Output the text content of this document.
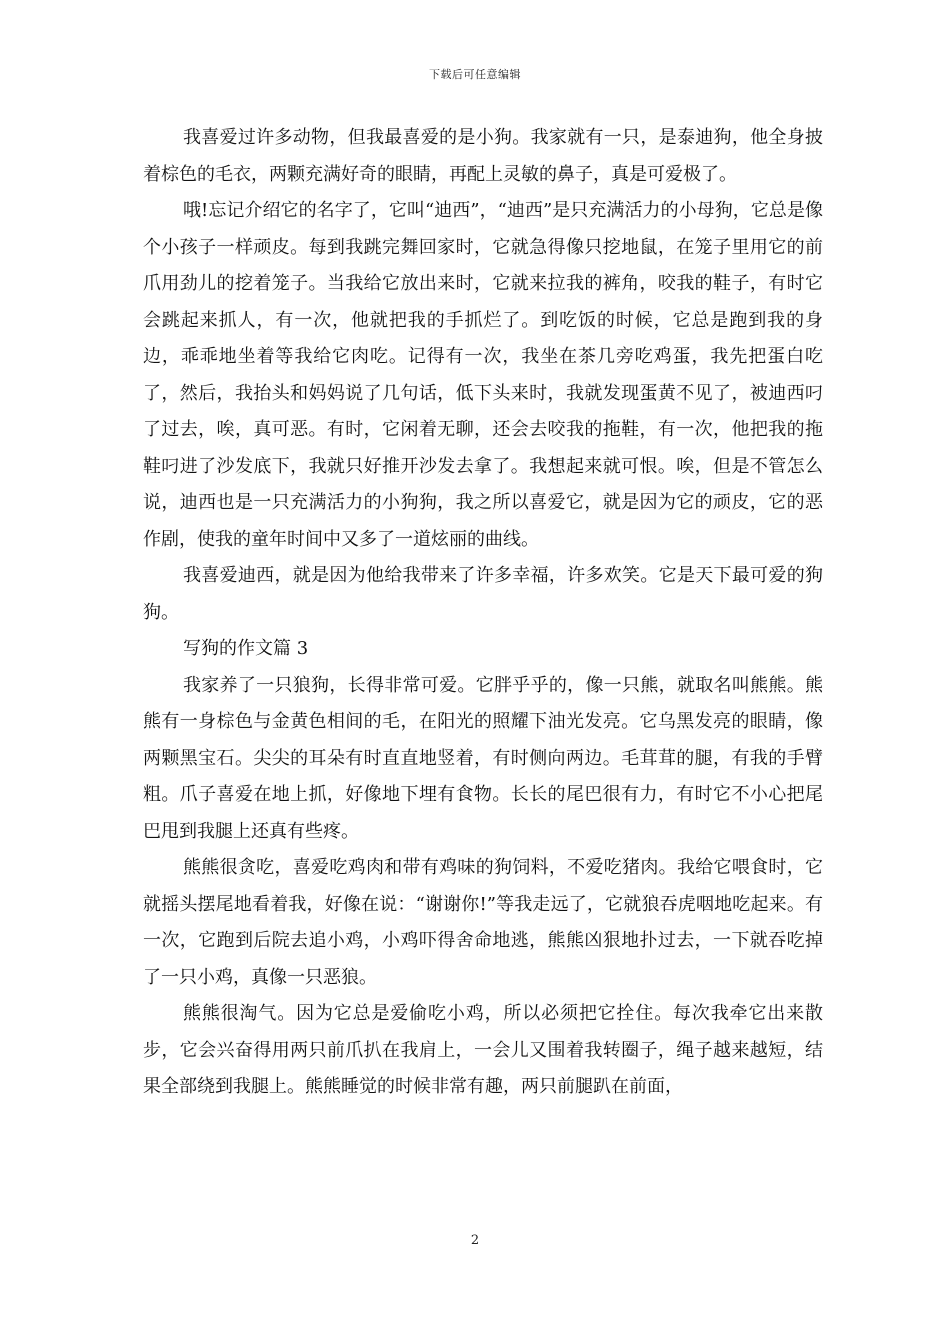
下载后可任意编辑

我喜爱过许多动物，但我最喜爱的是小狗。我家就有一只，是泰迪狗，他全身披着棕色的毛衣，两颗充满好奇的眼睛，再配上灵敏的鼻子，真是可爱极了。

哦!忘记介绍它的名字了，它叫“迪西”，“迪西”是只充满活力的小母狗，它总是像个小孩子一样顽皮。每到我跳完舞回家时，它就急得像只挖地鼠，在笼子里用它的前爪用劲儿的挖着笼子。当我给它放出来时，它就来拉我的裤角，咬我的鞋子，有时它会跳起来抓人，有一次，他就把我的手抓烂了。到吃饭的时候，它总是跑到我的身边，乖乖地坐着等我给它肉吃。记得有一次，我坐在茶几旁吃鸡蛋，我先把蛋白吃了，然后，我抬头和妈妈说了几句话，低下头来时，我就发现蛋黄不见了，被迪西叼了过去，唉，真可恶。有时，它闲着无聊，还会去咬我的拖鞋，有一次，他把我的拖鞋叼进了沙发底下，我就只好推开沙发去拿了。我想起来就可恨。唉，但是不管怎么说，迪西也是一只充满活力的小狗狗，我之所以喜爱它，就是因为它的顽皮，它的恶作剧，使我的童年时间中又多了一道炫丽的曲线。

我喜爱迪西，就是因为他给我带来了许多幸福，许多欢笑。它是天下最可爱的狗狗。

写狗的作文篇 3

我家养了一只狼狗，长得非常可爱。它胖乎乎的，像一只熊，就取名叫熊熊。熊熊有一身棕色与金黄色相间的毛，在阳光的照耀下油光发亮。它乌黑发亮的眼睛，像两颗黑宝石。尖尖的耳朵有时直直地竖着，有时侧向两边。毛茸茸的腿，有我的手臂粗。爪子喜爱在地上抓，好像地下埋有食物。长长的尾巴很有力，有时它不小心把尾巴甩到我腿上还真有些疼。

熊熊很贪吃，喜爱吃鸡肉和带有鸡味的狗饲料，不爱吃猪肉。我给它喂食时，它就摇头摆尾地看着我，好像在说：“谢谢你!”等我走远了，它就狼吞虎咽地吃起来。有一次，它跑到后院去追小鸡，小鸡吓得舍命地逃，熊熊凶狠地扑过去，一下就吞吃掉了一只小鸡，真像一只恶狼。

熊熊很淘气。因为它总是爱偷吃小鸡，所以必须把它拴住。每次我牵它出来散步，它会兴奋得用两只前爪扒在我肩上，一会儿又围着我转圈子，绳子越来越短，结果全部绕到我腿上。熊熊睡觉的时候非常有趣，两只前腿趴在前面，

2
